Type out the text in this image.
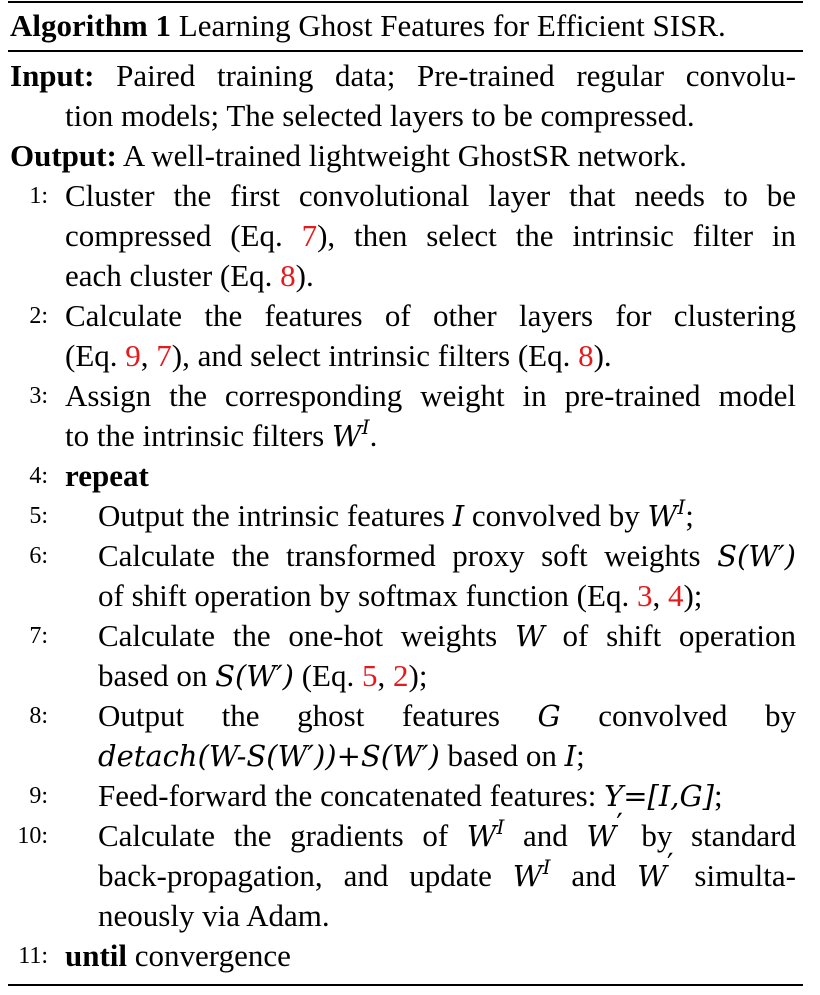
Algorithm 1 Learning Ghost Features for Efficient SISR.
Input: Paired training data; Pre-trained regular convolu-
tion models; The selected layers to be compressed.
Output: A well-trained lightweight GhostSR network.
1: Cluster the first convolutional layer that needs to be
compressed (Eq. 7), then select the intrinsic filter in
each cluster (Eq. 8).
2: Calculate the features of other layers for clustering
(Eq. 9, 7), and select intrinsic filters (Eq. 8).
3: Assign the corresponding weight in pre-trained model
to the intrinsic filters $W^I$.
4: repeat
5: Output the intrinsic features I convolved by $W^I$;
6: Calculate the transformed proxy soft weights S(W′)
of shift operation by softmax function (Eq. 3, 4);
7: Calculate the one-hot weights W of shift operation
based on S(W′) (Eq. 5, 2);
8: Output the ghost features G convolved by
detach(W-S(W′))+S(W′) based on I;
9: Feed-forward the concatenated features: Y=[I,G];
10: Calculate the gradients of $W^I$ and W′ by standard
back-propagation, and update $W^I$ and W′ simulta-
neously via Adam.
11: until convergence
